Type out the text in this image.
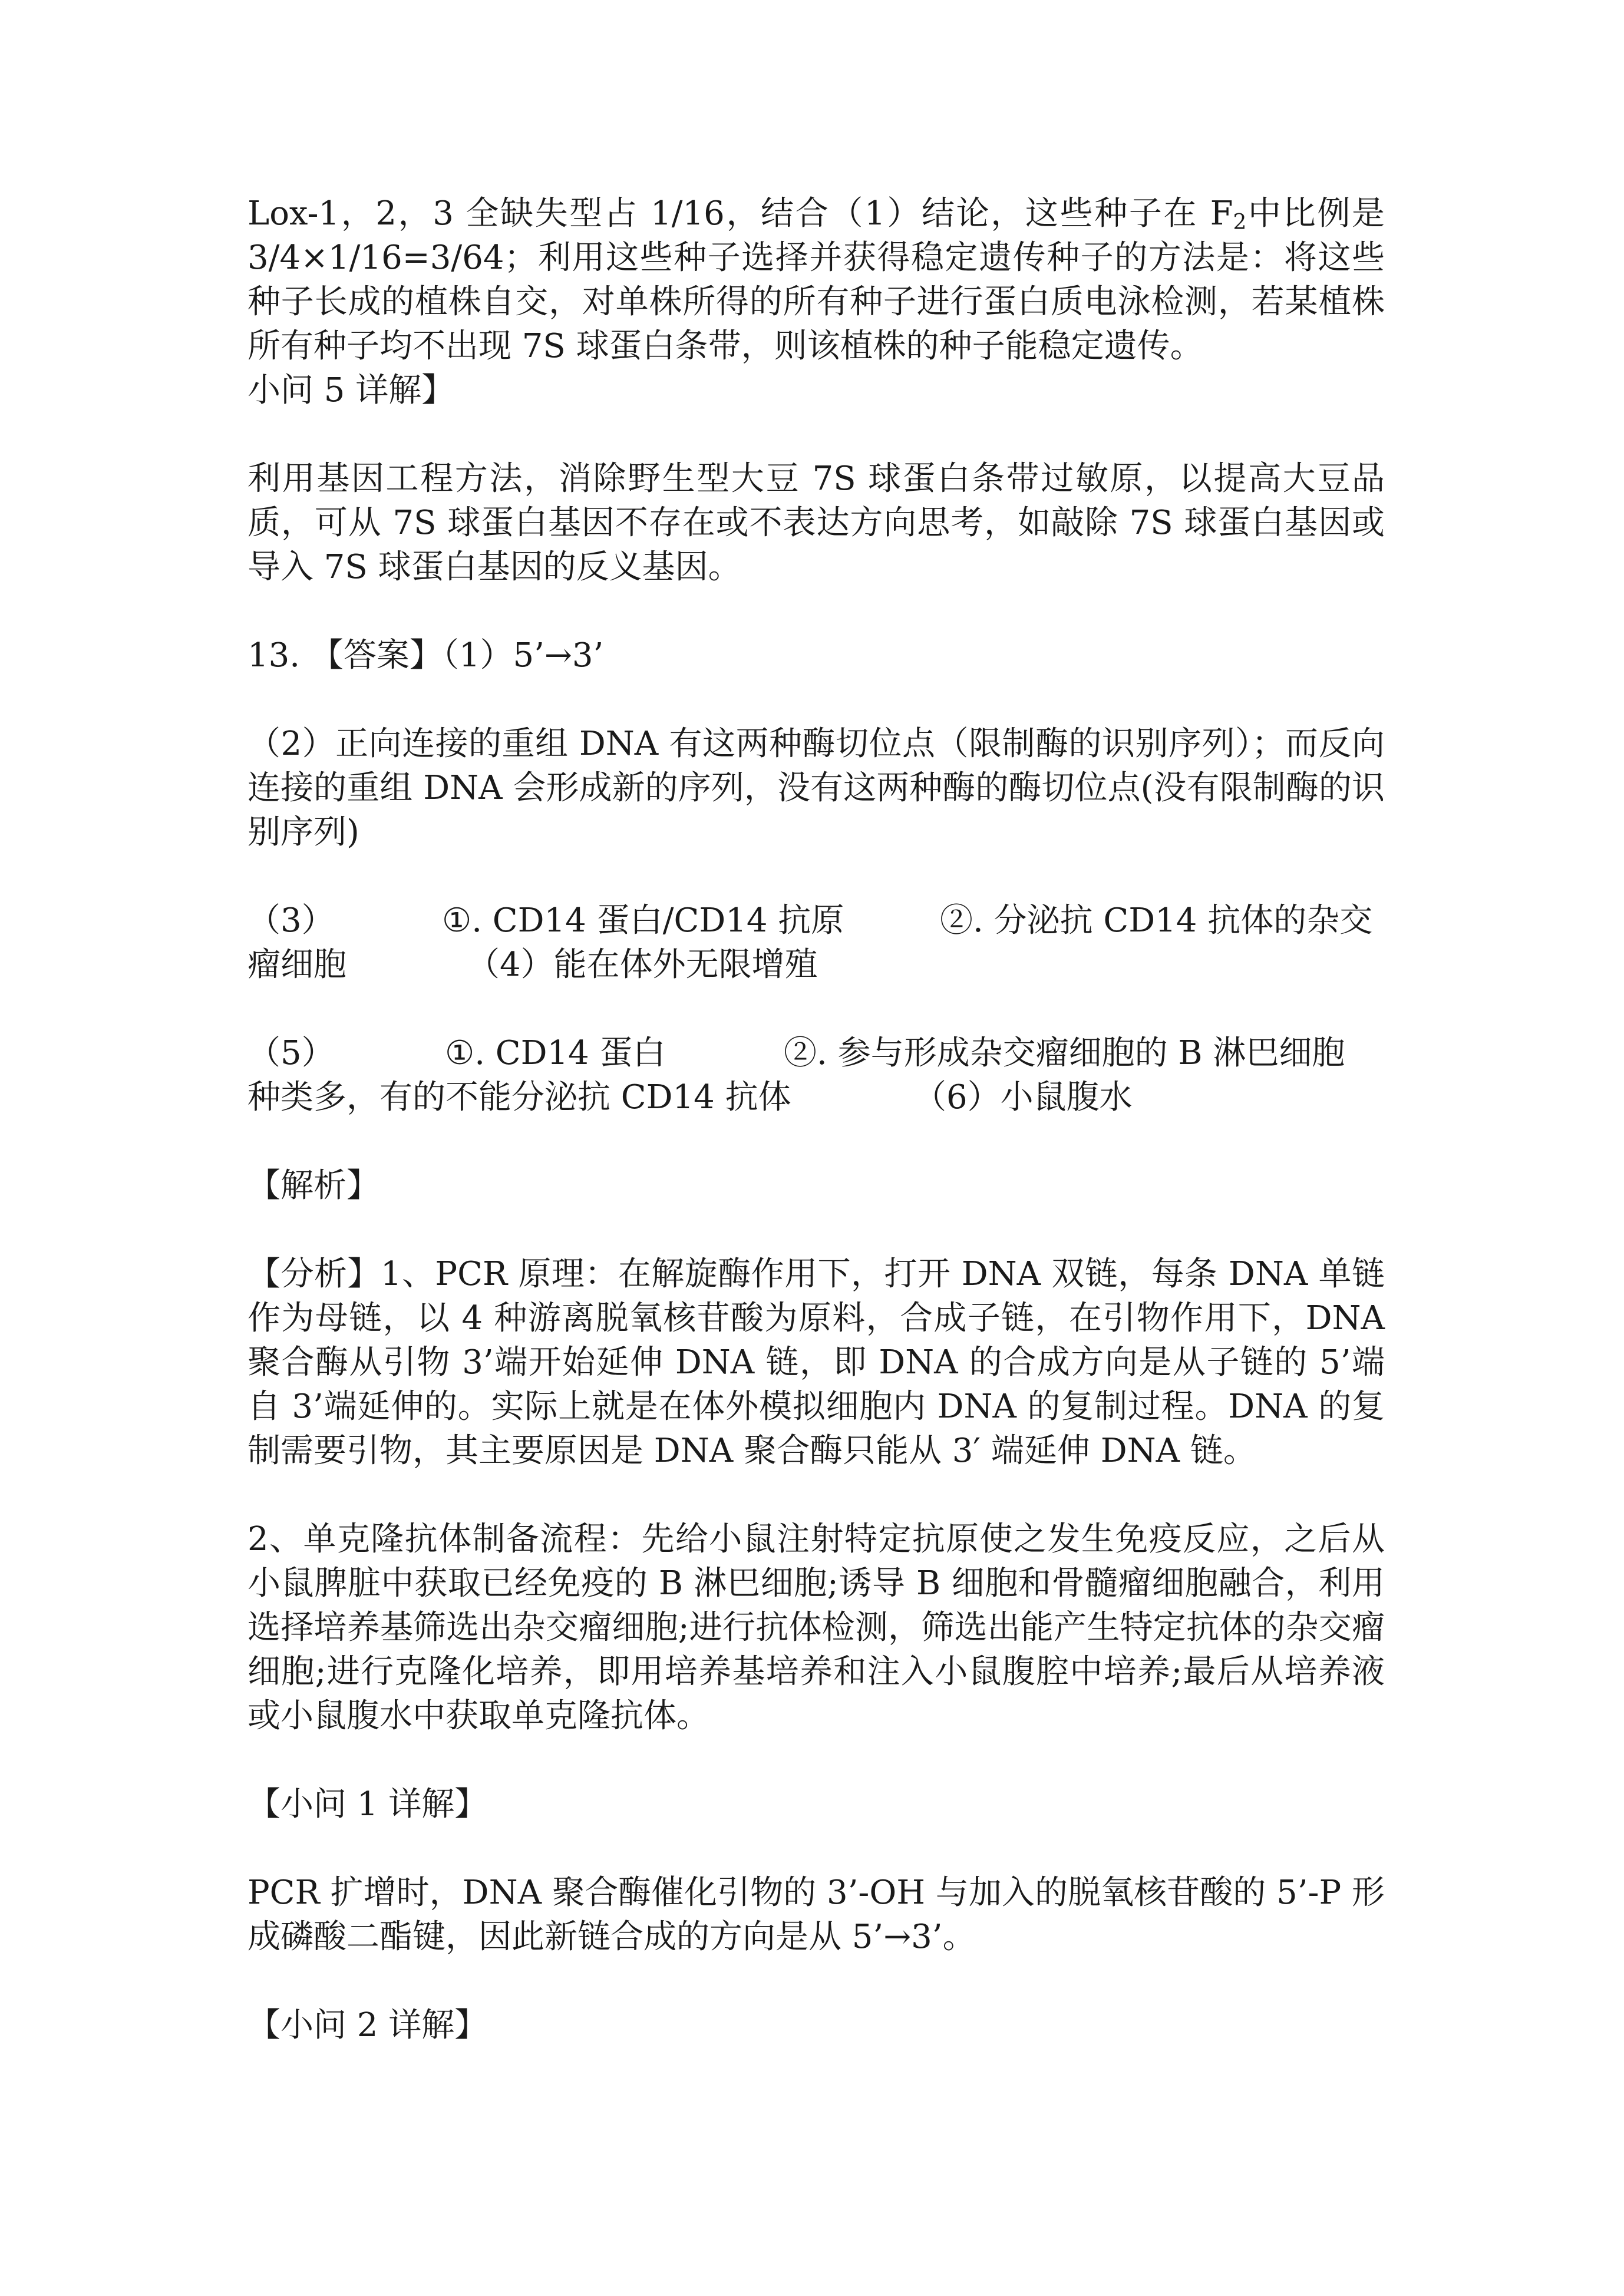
Lox-1，2，3 全缺失型占 1/16，结合（1）结论，这些种子在 $F_2$中比例是 3/4×1/16=3/64；利用这些种子选择并获得稳定遗传种子的方法是：将这些种子长成的植株自交，对单株所得的所有种子进行蛋白质电泳检测，若某植株所有种子均不出现 7S 球蛋白条带，则该植株的种子能稳定遗传。

小问 5 详解】

利用基因工程方法，消除野生型大豆 7S 球蛋白条带过敏原，以提高大豆品质，可从 7S 球蛋白基因不存在或不表达方向思考，如敲除 7S 球蛋白基因或导入 7S 球蛋白基因的反义基因。

13. 【答案】（1）5’→3’

（2）正向连接的重组 DNA 有这两种酶切位点（限制酶的识别序列）；而反向连接的重组 DNA 会形成新的序列，没有这两种酶的酶切位点(没有限制酶的识别序列)

（3）	①. CD14 蛋白/CD14 抗原	②. 分泌抗 CD14 抗体的杂交
瘤细胞	（4）能在体外无限增殖
（5）	①. CD14 蛋白	②. 参与形成杂交瘤细胞的 B 淋巴细胞
种类多，有的不能分泌抗 CD14 抗体	（6）小鼠腹水

【解析】

【分析】1、PCR 原理：在解旋酶作用下，打开 DNA 双链，每条 DNA 单链作为母链，以 4 种游离脱氧核苷酸为原料，合成子链，在引物作用下，DNA 聚合酶从引物 3’端开始延伸 DNA 链，即 DNA 的合成方向是从子链的 5’端自 3’端延伸的。实际上就是在体外模拟细胞内 DNA 的复制过程。DNA 的复制需要引物，其主要原因是 DNA 聚合酶只能从 3′ 端延伸 DNA 链。

2、单克隆抗体制备流程：先给小鼠注射特定抗原使之发生免疫反应，之后从小鼠脾脏中获取已经免疫的 B 淋巴细胞;诱导 B 细胞和骨髓瘤细胞融合，利用选择培养基筛选出杂交瘤细胞;进行抗体检测，筛选出能产生特定抗体的杂交瘤细胞;进行克隆化培养，即用培养基培养和注入小鼠腹腔中培养;最后从培养液或小鼠腹水中获取单克隆抗体。

【小问 1 详解】

PCR 扩增时，DNA 聚合酶催化引物的 3’-OH 与加入的脱氧核苷酸的 5’-P 形成磷酸二酯键，因此新链合成的方向是从 5’→3’。

【小问 2 详解】
